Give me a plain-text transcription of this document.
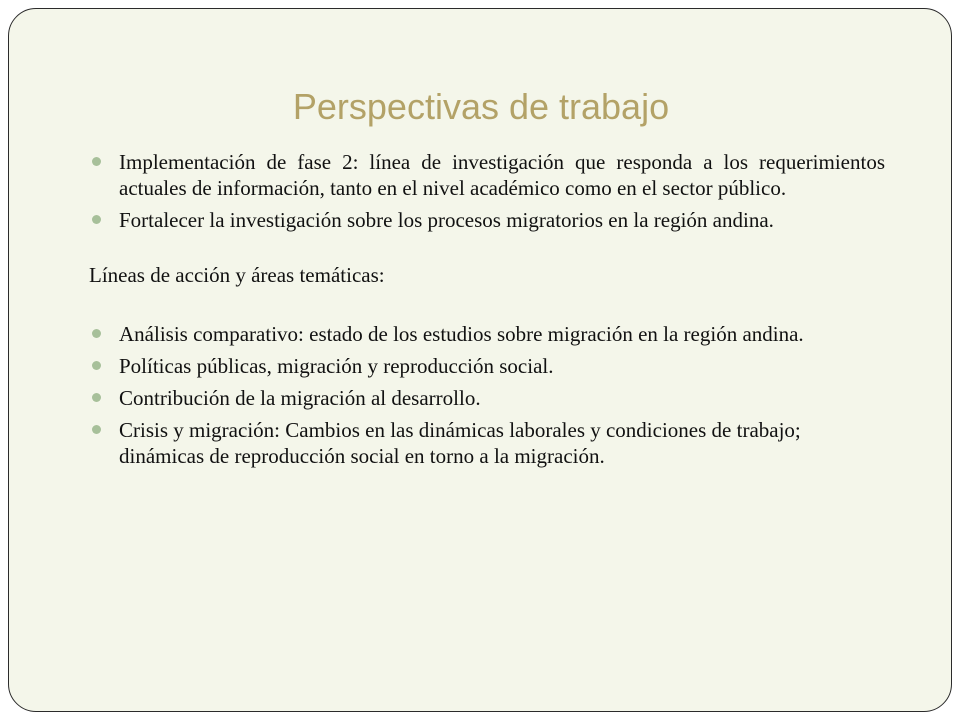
Perspectivas de trabajo
Implementación de fase 2: línea de investigación que responda a los requerimientos actuales de información, tanto en el nivel académico como en el sector público.
Fortalecer la investigación sobre los procesos migratorios en la región andina.
Líneas de acción y áreas temáticas:
Análisis comparativo: estado de los estudios sobre migración en la región andina.
Políticas públicas, migración y reproducción social.
Contribución de la migración al desarrollo.
Crisis y migración: Cambios en las dinámicas laborales y condiciones de trabajo; dinámicas de reproducción social en torno a la migración.
